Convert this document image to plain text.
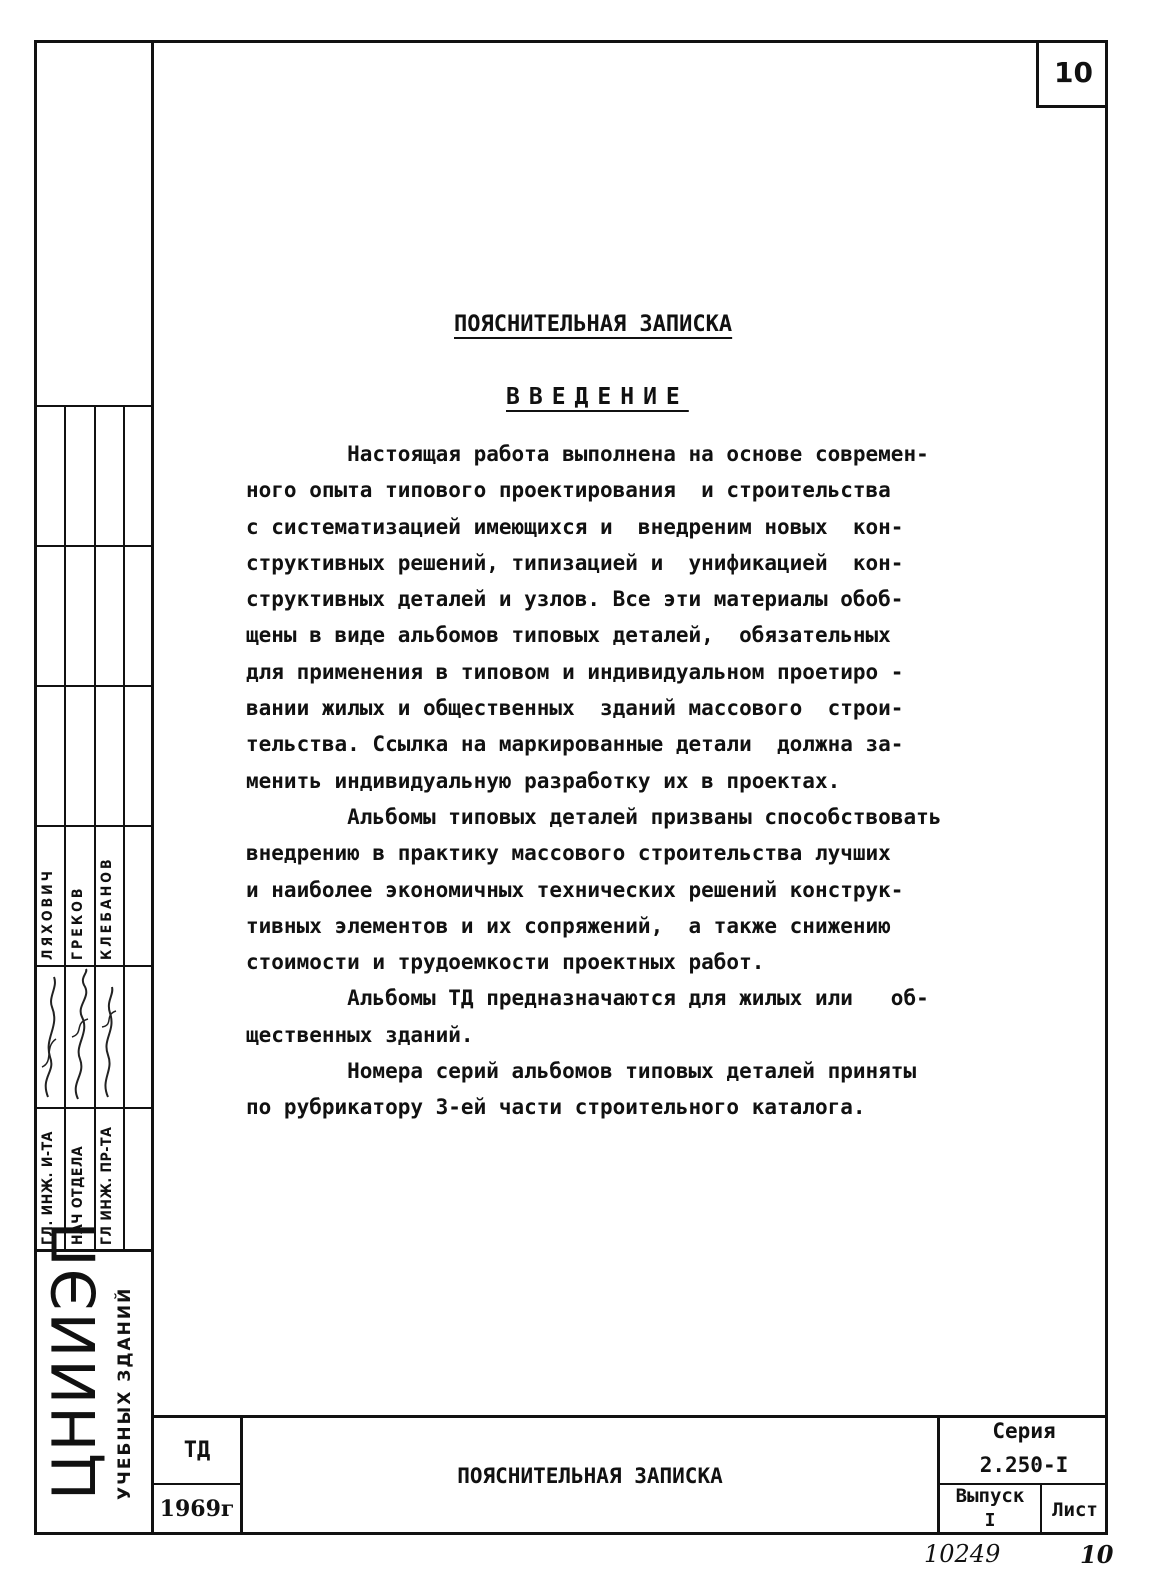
ГЛ. ИНЖ. И-ТА НАЧ ОТДЕЛА ГЛ ИНЖ. ПР-ТА
ЛЯХОВИЧ ГРЕКОВ КЛЕБАНОВ
ЦНИИЭП УЧЕБНЫХ ЗДАНИЙ
10
ПОЯСНИТЕЛЬНАЯ ЗАПИСКА
ВВЕДЕНИЕ
Настоящая работа выполнена на основе современ-
ного опыта типового проектирования  и строительства
с систематизацией имеющихся и  внедреним новых  кон-
структивных решений, типизацией и  унификацией  кон-
структивных деталей и узлов. Все эти материалы обоб-
щены в виде альбомов типовых деталей,  обязательных
для применения в типовом и индивидуальном проетиро -
вании жилых и общественных  зданий массового  строи-
тельства. Ссылка на маркированные детали  должна за-
менить индивидуальную разработку их в проектах.
Альбомы типовых деталей призваны способствовать
внедрению в практику массового строительства лучших
и наиболее экономичных технических решений конструк-
тивных элементов и их сопряжений,  а также снижению
стоимости и трудоемкости проектных работ.
Альбомы ТД предназначаются для жилых или   об-
щественных зданий.
Номера серий альбомов типовых деталей приняты
по рубрикатору 3-ей части строительного каталога.
ТД
1969г
ПОЯСНИТЕЛЬНАЯ ЗАПИСКА
Серия
2.250-I
Выпуск
I	Лист
10249	10
